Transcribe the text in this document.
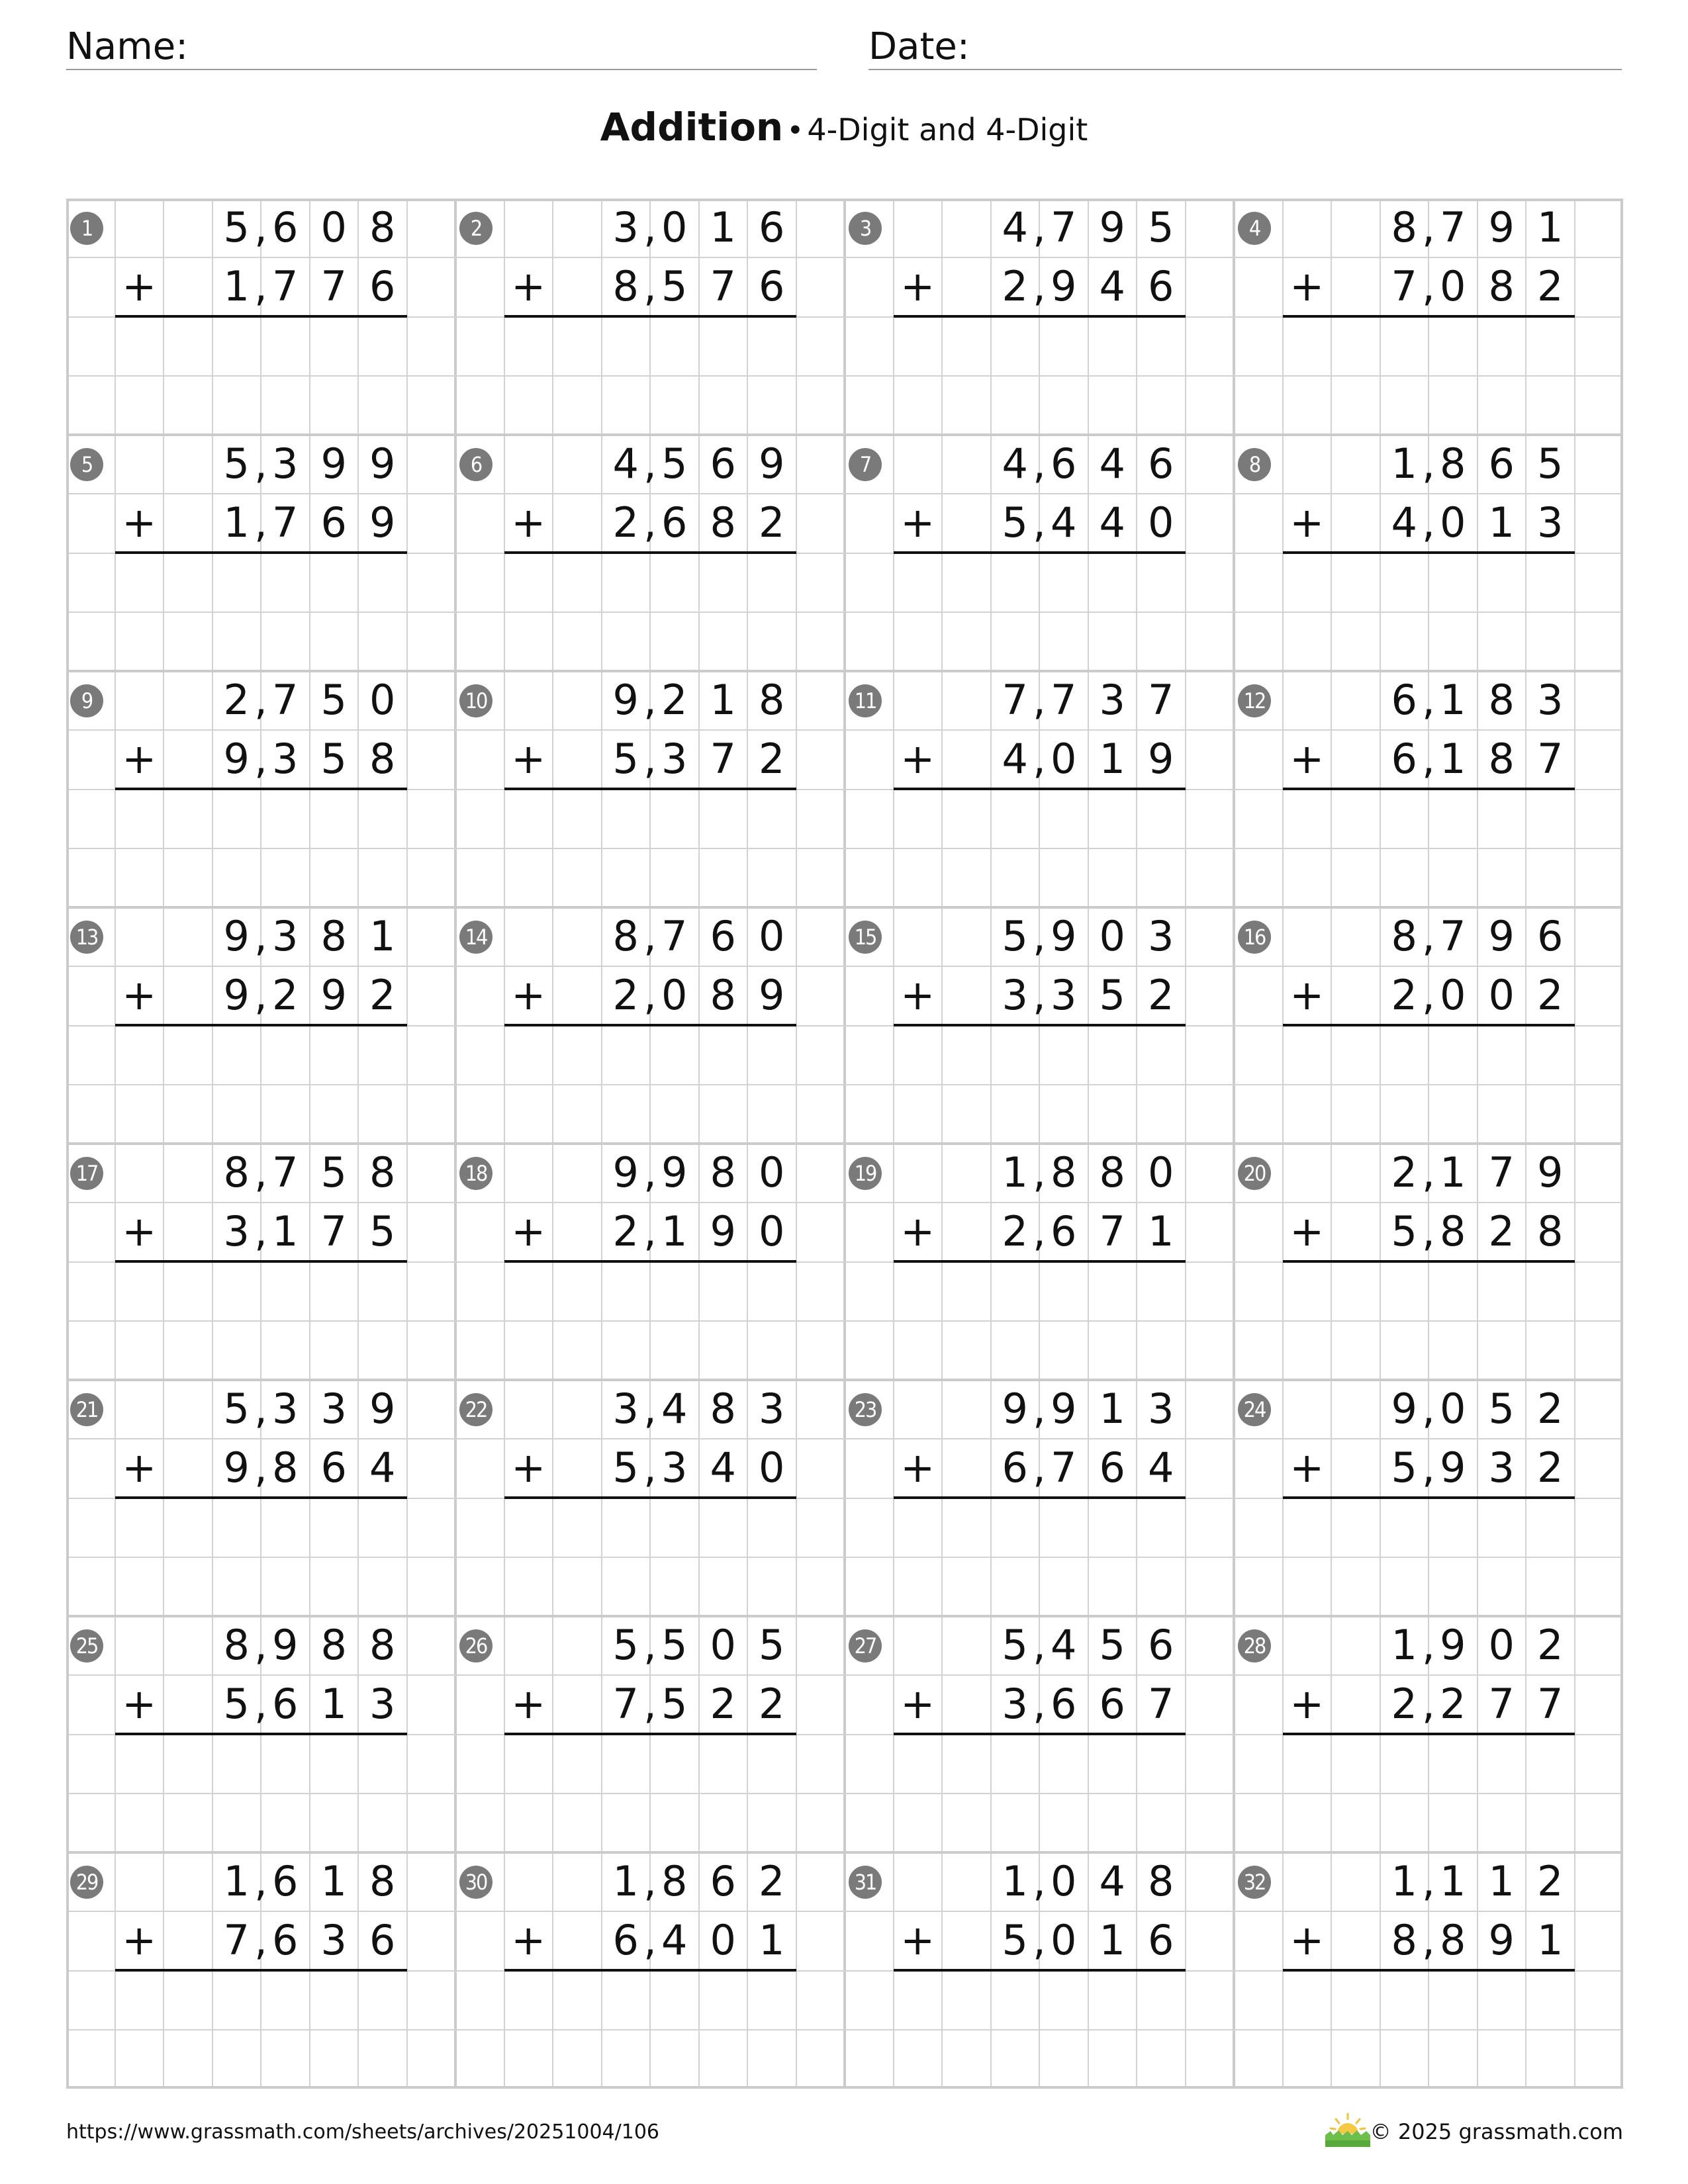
Name:	Date:
Addition • 4-Digit and 4-Digit
1	5 6 0 8
,
1 7 7 6
,
+
2	3 0 1 6
,
8 5 7 6
,
+
3	4 7 9 5
,
2 9 4 6
,
+
4	8 7 9 1
,
7 0 8 2
,
+
5	5 3 9 9
,
1 7 6 9
,
+
6	4 5 6 9
,
2 6 8 2
,
+
7	4 6 4 6
,
5 4 4 0
,
+
8	1 8 6 5
,
4 0 1 3
,
+
9	2 7 5 0
,
9 3 5 8
,
+
10	9 2 1 8
,
5 3 7 2
,
+
11	7 7 3 7
,
4 0 1 9
,
+
12	6 1 8 3
,
6 1 8 7
,
+
13	9 3 8 1
,
9 2 9 2
,
+
14	8 7 6 0
,
2 0 8 9
,
+
15	5 9 0 3
,
3 3 5 2
,
+
16	8 7 9 6
,
2 0 0 2
,
+
17	8 7 5 8
,
3 1 7 5
,
+
18	9 9 8 0
,
2 1 9 0
,
+
19	1 8 8 0
,
2 6 7 1
,
+
20	2 1 7 9
,
5 8 2 8
,
+
21	5 3 3 9
,
9 8 6 4
,
+
22	3 4 8 3
,
5 3 4 0
,
+
23	9 9 1 3
,
6 7 6 4
,
+
24	9 0 5 2
,
5 9 3 2
,
+
25	8 9 8 8
,
5 6 1 3
,
+
26	5 5 0 5
,
7 5 2 2
,
+
27	5 4 5 6
,
3 6 6 7
,
+
28	1 9 0 2
,
2 2 7 7
,
+
29	1 6 1 8
,
7 6 3 6
,
+
30	1 8 6 2
,
6 4 0 1
,
+
31	1 0 4 8
,
5 0 1 6
,
+
32	1 1 1 2
,
8 8 9 1
,
+
https://www.grassmath.com/sheets/archives/20251004/106	© 2025 grassmath.com
